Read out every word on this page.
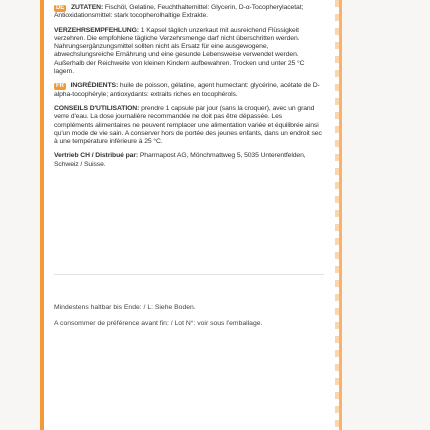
DE ZUTATEN: Fischöl, Gelatine, Feuchthaltemittel: Glycerin, D-α-Tocopherylacetat; Antioxidationsmittel: stark tocopherolhaltige Extrakte.

VERZEHRSEMPFEHLUNG: 1 Kapsel täglich unzerkaut mit ausreichend Flüssigkeit verzehren. Die empfohlene tägliche Verzehrsmenge darf nicht überschritten werden. Nahrungsergänzungsmittel sollten nicht als Ersatz für eine ausgewogene, abwechslungsreiche Ernährung und eine gesunde Lebensweise verwendet werden. Außerhalb der Reichweite von kleinen Kindern aufbewahren. Trocken und unter 25 °C lagern.

FR INGRÉDIENTS: huile de poisson, gélatine, agent humectant: glycérine, acétate de D-alpha-tocophéryle; antioxydants: extraits riches en tocophérols.

CONSEILS D'UTILISATION: prendre 1 capsule par jour (sans la croquer), avec un grand verre d'eau. La dose journalière recommandée ne doit pas être dépassée. Les compléments alimentaires ne peuvent remplacer une alimentation variée et équilibrée ainsi qu'un mode de vie sain. A conserver hors de portée des jeunes enfants, dans un endroit sec à une température inférieure à 25 °C.

Vertrieb CH / Distribué par: Pharmapost AG, Mönchmattweg 5, 5035 Unterentfelden, Schweiz / Suisse.

Mindestens haltbar bis Ende: / L: Siehe Boden.

A consommer de préférence avant fin: / Lot N°: voir sous l'emballage.
